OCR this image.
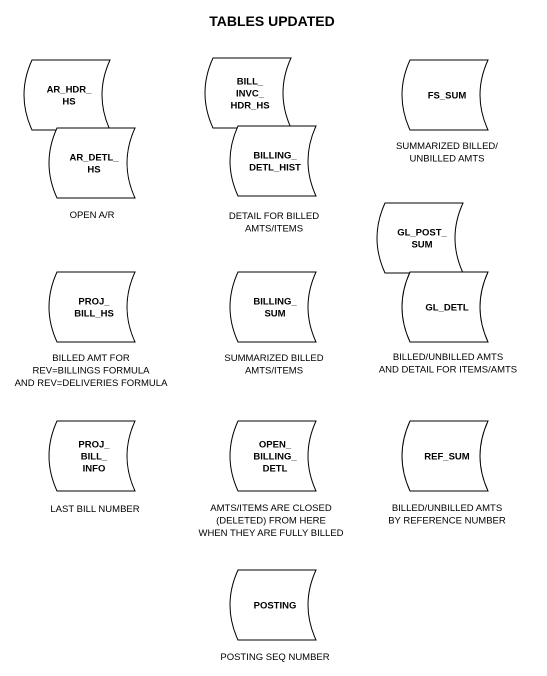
TABLES UPDATED
AR_HDR_
HS
AR_DETL_
HS
BILL_
INVC_
HDR_HS
BILLING_
DETL_HIST
FS_SUM
GL_POST_
SUM
GL_DETL
PROJ_
BILL_HS
BILLING_
SUM
PROJ_
BILL_
INFO
OPEN_
BILLING_
DETL
REF_SUM
POSTING
OPEN A/R	DETAIL FOR BILLED
AMTS/ITEMS
SUMMARIZED BILLED/
UNBILLED AMTS
BILLED AMT FOR
REV=BILLINGS FORMULA
AND REV=DELIVERIES FORMULA
SUMMARIZED BILLED
AMTS/ITEMS
BILLED/UNBILLED AMTS
AND DETAIL FOR ITEMS/AMTS
LAST BILL NUMBER	AMTS/ITEMS ARE CLOSED
(DELETED) FROM HERE
WHEN THEY ARE FULLY BILLED
BILLED/UNBILLED AMTS
BY REFERENCE NUMBER
POSTING SEQ NUMBER
